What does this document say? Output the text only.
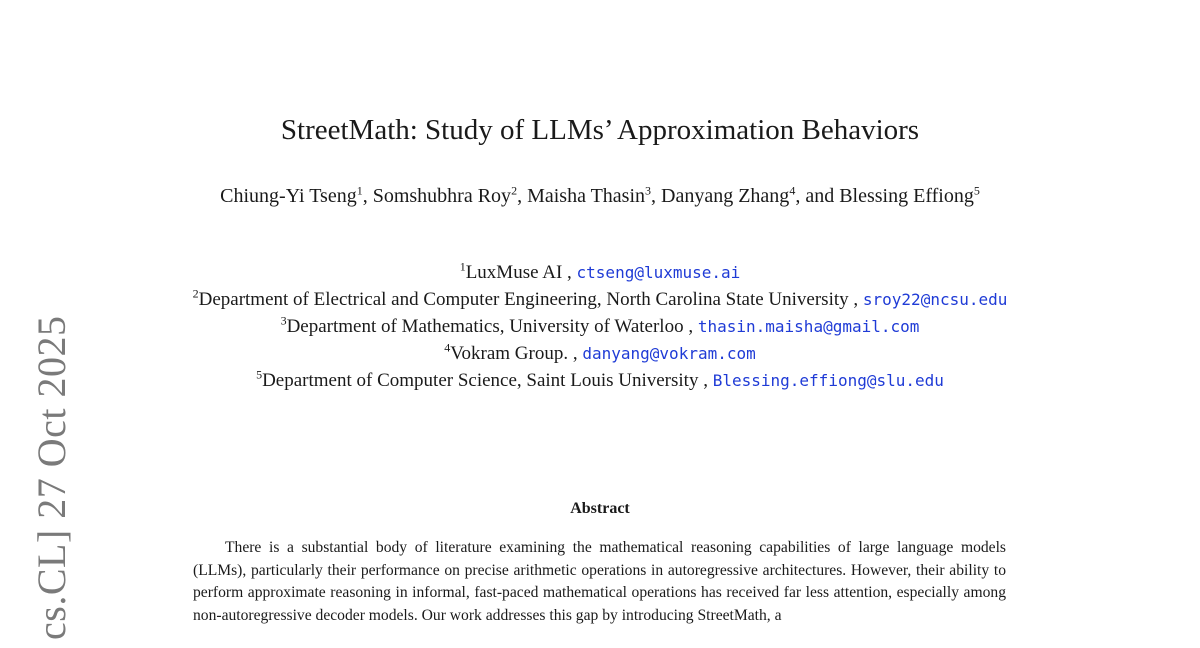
cs.CL] 27 Oct 2025
StreetMath: Study of LLMs’ Approximation Behaviors
Chiung-Yi Tseng$^1$, Somshubhra Roy$^2$, Maisha Thasin$^3$, Danyang Zhang$^4$, and Blessing Effiong$^5$
$^1$LuxMuse AI , ctseng@luxmuse.ai
$^2$Department of Electrical and Computer Engineering, North Carolina State University , sroy22@ncsu.edu
$^3$Department of Mathematics, University of Waterloo , thasin.maisha@gmail.com
$^4$Vokram Group. , danyang@vokram.com
$^5$Department of Computer Science, Saint Louis University , Blessing.effiong@slu.edu
Abstract
There is a substantial body of literature examining the mathematical reasoning capabilities of large language models (LLMs), particularly their performance on precise arithmetic operations in autoregressive architectures. However, their ability to perform approximate reasoning in informal, fast-paced mathematical operations has received far less attention, especially among non-autoregressive decoder models. Our work addresses this gap by introducing StreetMath, a
